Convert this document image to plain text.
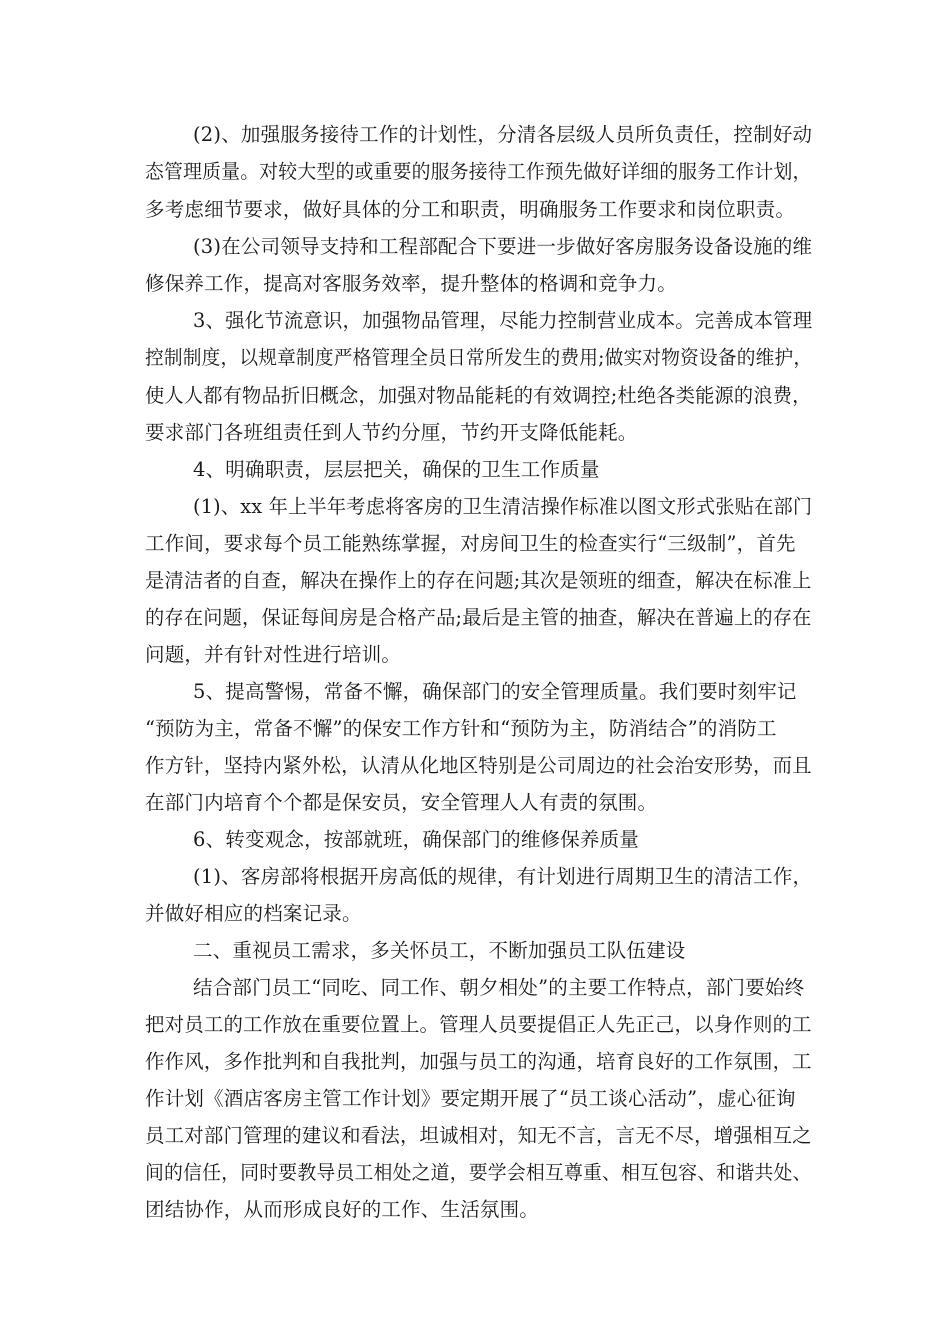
(2)、加强服务接待工作的计划性，分清各层级人员所负责任，控制好动
态管理质量。对较大型的或重要的服务接待工作预先做好详细的服务工作计划，
多考虑细节要求，做好具体的分工和职责，明确服务工作要求和岗位职责。
(3)在公司领导支持和工程部配合下要进一步做好客房服务设备设施的维
修保养工作，提高对客服务效率，提升整体的格调和竞争力。
3、强化节流意识，加强物品管理，尽能力控制营业成本。完善成本管理
控制制度，以规章制度严格管理全员日常所发生的费用;做实对物资设备的维护，
使人人都有物品折旧概念，加强对物品能耗的有效调控;杜绝各类能源的浪费，
要求部门各班组责任到人节约分厘，节约开支降低能耗。
4、明确职责，层层把关，确保的卫生工作质量
(1)、xx 年上半年考虑将客房的卫生清洁操作标准以图文形式张贴在部门
工作间，要求每个员工能熟练掌握，对房间卫生的检查实行“三级制”，首先
是清洁者的自查，解决在操作上的存在问题;其次是领班的细查，解决在标准上
的存在问题，保证每间房是合格产品;最后是主管的抽查，解决在普遍上的存在
问题，并有针对性进行培训。
5、提高警惕，常备不懈，确保部门的安全管理质量。我们要时刻牢记
“预防为主，常备不懈”的保安工作方针和“预防为主，防消结合”的消防工
作方针，坚持内紧外松，认清从化地区特别是公司周边的社会治安形势，而且
在部门内培育个个都是保安员，安全管理人人有责的氛围。
6、转变观念，按部就班，确保部门的维修保养质量
(1)、客房部将根据开房高低的规律，有计划进行周期卫生的清洁工作，
并做好相应的档案记录。
二、重视员工需求，多关怀员工，不断加强员工队伍建设
结合部门员工“同吃、同工作、朝夕相处”的主要工作特点，部门要始终
把对员工的工作放在重要位置上。管理人员要提倡正人先正己，以身作则的工
作作风，多作批判和自我批判，加强与员工的沟通，培育良好的工作氛围，工
作计划《酒店客房主管工作计划》要定期开展了“员工谈心活动”，虚心征询
员工对部门管理的建议和看法，坦诚相对，知无不言，言无不尽，增强相互之
间的信任，同时要教导员工相处之道，要学会相互尊重、相互包容、和谐共处、
团结协作，从而形成良好的工作、生活氛围。
